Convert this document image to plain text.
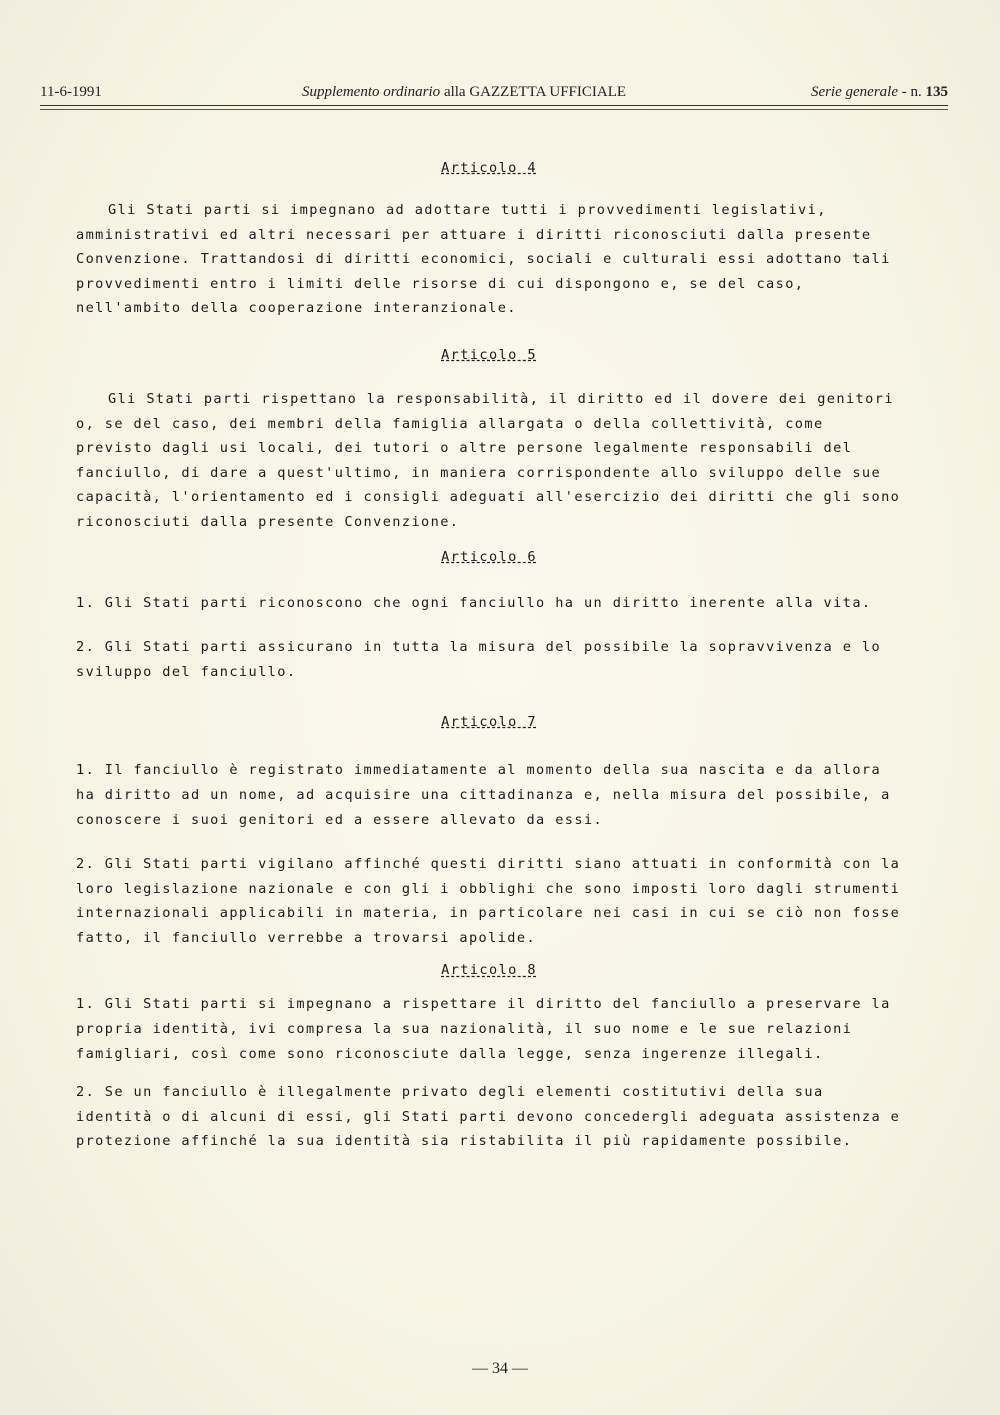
11-6-1991	Supplemento ordinario alla GAZZETTA UFFICIALE	Serie generale - n. 135
Articolo 4

Gli Stati parti si impegnano ad adottare tutti i provvedimenti legislativi, amministrativi ed altri necessari per attuare i diritti riconosciuti dalla presente Convenzione. Trattandosi di diritti economici, sociali e culturali essi adottano tali provvedimenti entro i limiti delle risorse di cui dispongono e, se del caso, nell'ambito della cooperazione interanzionale.

Articolo 5

Gli Stati parti rispettano la responsabilità, il diritto ed il dovere dei genitori o, se del caso, dei membri della famiglia allargata o della collettività, come previsto dagli usi locali, dei tutori o altre persone legalmente responsabili del fanciullo, di dare a quest'ultimo, in maniera corrispondente allo sviluppo delle sue capacità, l'orientamento ed i consigli adeguati all'esercizio dei diritti che gli sono riconosciuti dalla presente Convenzione.

Articolo 6

1. Gli Stati parti riconoscono che ogni fanciullo ha un diritto inerente alla vita.

2. Gli Stati parti assicurano in tutta la misura del possibile la sopravvivenza e lo sviluppo del fanciullo.

Articolo 7

1. Il fanciullo è registrato immediatamente al momento della sua nascita e da allora ha diritto ad un nome, ad acquisire una cittadinanza e, nella misura del possibile, a conoscere i suoi genitori ed a essere allevato da essi.

2. Gli Stati parti vigilano affinché questi diritti siano attuati in conformità con la loro legislazione nazionale e con gli i obblighi che sono imposti loro dagli strumenti internazionali applicabili in materia, in particolare nei casi in cui se ciò non fosse fatto, il fanciullo verrebbe a trovarsi apolide.

Articolo 8

1. Gli Stati parti si impegnano a rispettare il diritto del fanciullo a preservare la propria identità, ivi compresa la sua nazionalità, il suo nome e le sue relazioni famigliari, così come sono riconosciute dalla legge, senza ingerenze illegali.

2. Se un fanciullo è illegalmente privato degli elementi costitutivi della sua identità o di alcuni di essi, gli Stati parti devono concedergli adeguata assistenza e protezione affinché la sua identità sia ristabilita il più rapidamente possibile.

— 34 —
